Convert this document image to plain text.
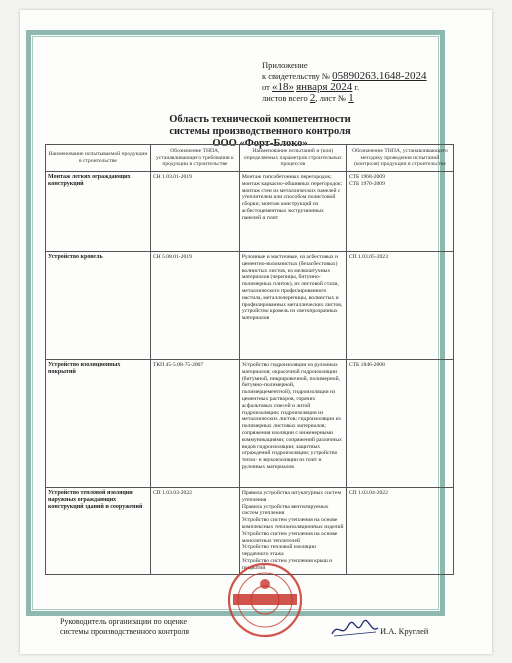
Приложение
к свидетельству № 05890263.1648-2024
от «18» января 2024 г.
листов всего 2, лист № 1
Область технической компетентности
системы производственного контроля
ООО «Форт-Блоко»
Наименование испытываемой продукции в строительстве	Обозначение ТНПА, устанавливающего требования к продукции в строительстве	Наименование испытаний и (или) определяемых параметров строительных процессов	Обозначение ТНПА, устанавливающего методику проведения испытаний (контроля) продукции в строительстве
Монтаж легких ограждающих конструкций	СН 1.03.01-2019	Монтаж гипсобетонных перегородок; монтаж каркасно-обшивных перегородок; монтаж стен из металлических панелей с утеплителем или способом полистовой сборки; монтаж конструкций из асбестоцементных экструзионных панелей и плит	СТБ 1968-2009
СТБ 1970-2009
Устройство кровель	СН 5.08.01-2019	Рулонные и мастичные, из асбестовых и цементно-волокнистых (безасбестовых) волнистых листов, из мелкоштучных материалов (черепицы, битумно-полимерных плиток), из листовой стали, металлического профилированного настила, металлочерепицы, волнистых и профилированных металлических листов, устройство кровель из светопрозрачных материалов	СП 1.03.05-2023
Устройство изоляционных покрытий	ТКП 45-5.08-75-2007	Устройство гидроизоляции из рулонных материалов; окрасочной гидроизоляции (битумной, пикрировочной, полимерной, битумно-полимерной, полимерцементной); гидроизоляции из цементных растворов, горячих асфальтовых смесей и литой гидроизоляции; гидроизоляции из металлических листов; гидроизоляции из полимерных листовых материалов; сопряжения изоляции с инженерными коммуникациями; сопряжений различных видов гидроизоляции; защитных ограждений гидроизоляции; устройство тепло- и звукоизоляции из плит и рулонных материалов	СТБ 1846-2008
Устройство тепловой изоляции наружных ограждающих конструкций зданий и сооружений	СП 1.03.03-2022	Правила устройства штукатурных систем утепления
Правила устройства вентилируемых систем утепления
Устройство систем утепления на основе комплексных теплоизоляционных изделий Устройство систем утепления на основе монолитных теплителей
Устройство тепловой изоляции чердачного этажа
Устройство систем утепления крыш и покрытий	СП 1.03.04-2022
Руководитель организации по оценке
системы производственного контроля	И.А. Круглей
